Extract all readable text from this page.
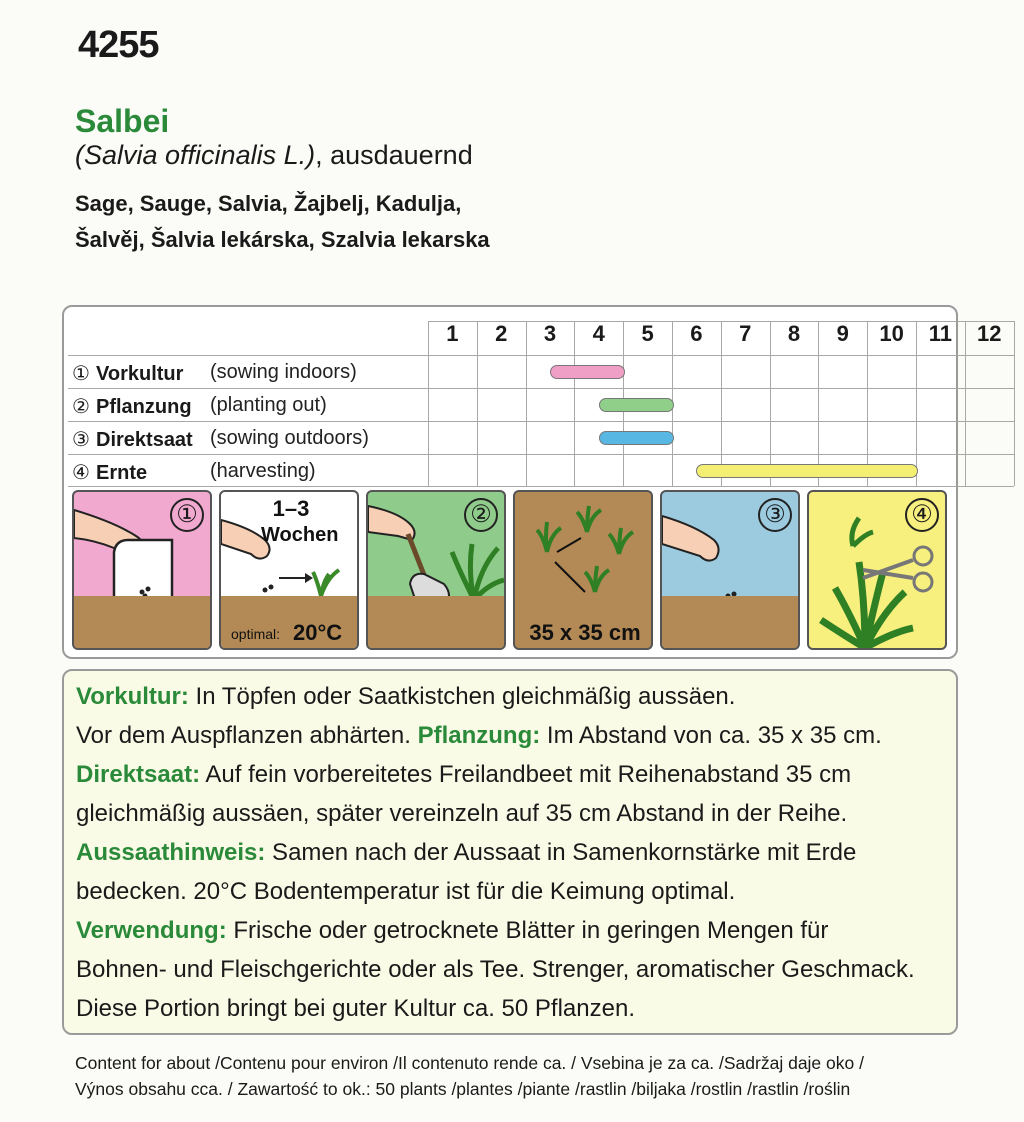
4255
Salbei
(Salvia officinalis L.), ausdauernd
Sage, Sauge, Salvia, Žajbelj, Kadulja,
Šalvěj, Šalvia lekárska, Szalvia lekarska
1	2	3	4	5	6	7	8	9	10	11	12
① Vorkultur (sowing indoors)
② Pflanzung (planting out)
③ Direktsaat (sowing outdoors)
④ Ernte	(harvesting)
①	1–3
Wochen
optimal: 20°C
②
35 x 35 cm
③	④

Vorkultur: In Töpfen oder Saatkistchen gleichmäßig aussäen.

Vor dem Auspflanzen abhärten. Pflanzung: Im Abstand von ca. 35 x 35 cm.

Direktsaat: Auf fein vorbereitetes Freilandbeet mit Reihenabstand 35 cm

gleichmäßig aussäen, später vereinzeln auf 35 cm Abstand in der Reihe.

Aussaathinweis: Samen nach der Aussaat in Samenkornstärke mit Erde

bedecken. 20°C Bodentemperatur ist für die Keimung optimal.

Verwendung: Frische oder getrocknete Blätter in geringen Mengen für

Bohnen- und Fleischgerichte oder als Tee. Strenger, aromatischer Geschmack.

Diese Portion bringt bei guter Kultur ca. 50 Pflanzen.

Content for about /Contenu pour environ /Il contenuto rende ca. / Vsebina je za ca. /Sadržaj daje oko /
Výnos obsahu cca. / Zawartość to ok.: 50 plants /plantes /piante /rastlin /biljaka /rostlin /rastlin /roślin
